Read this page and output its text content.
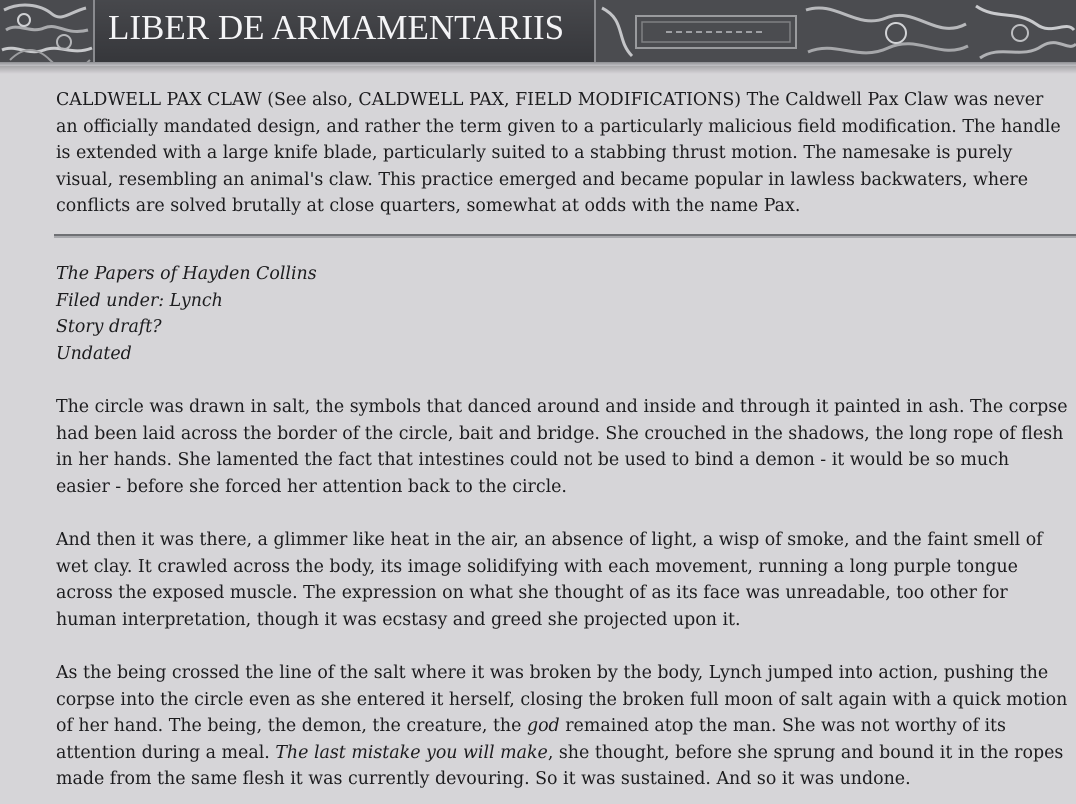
LIBER DE ARMAMENTARIIS

CALDWELL PAX CLAW (See also, CALDWELL PAX, FIELD MODIFICATIONS) The Caldwell Pax Claw was never an officially mandated design, and rather the term given to a particularly malicious field modification. The handle is extended with a large knife blade, particularly suited to a stabbing thrust motion. The namesake is purely visual, resembling an animal's claw. This practice emerged and became popular in lawless backwaters, where conflicts are solved brutally at close quarters, somewhat at odds with the name Pax.

The Papers of Hayden Collins
Filed under: Lynch
Story draft?
Undated

The circle was drawn in salt, the symbols that danced around and inside and through it painted in ash. The corpse had been laid across the border of the circle, bait and bridge. She crouched in the shadows, the long rope of flesh in her hands. She lamented the fact that intestines could not be used to bind a demon - it would be so much easier - before she forced her attention back to the circle.

And then it was there, a glimmer like heat in the air, an absence of light, a wisp of smoke, and the faint smell of wet clay. It crawled across the body, its image solidifying with each movement, running a long purple tongue across the exposed muscle. The expression on what she thought of as its face was unreadable, too other for human interpretation, though it was ecstasy and greed she projected upon it.

As the being crossed the line of the salt where it was broken by the body, Lynch jumped into action, pushing the corpse into the circle even as she entered it herself, closing the broken full moon of salt again with a quick motion of her hand. The being, the demon, the creature, the god remained atop the man. She was not worthy of its attention during a meal. The last mistake you will make, she thought, before she sprung and bound it in the ropes made from the same flesh it was currently devouring. So it was sustained. And so it was undone.
